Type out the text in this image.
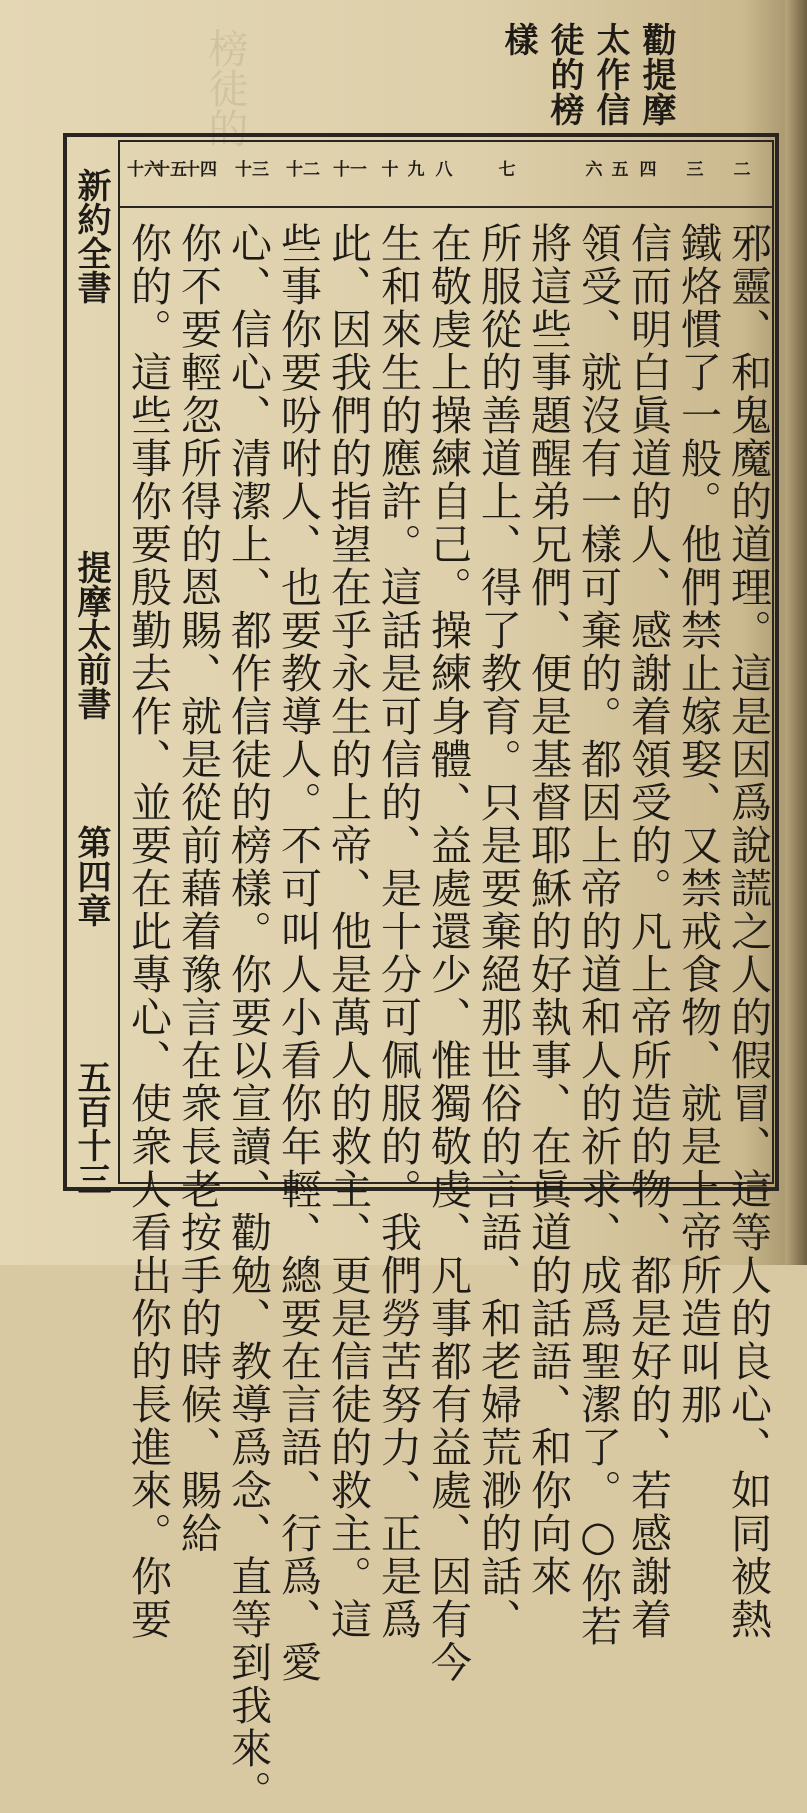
榜徒的	勸提摩
太作信
徒的榜
樣
新約全書
提摩太前書
第四章
五百十三
二
三
四
五
六
七
八
九
十
十一
十二
十三
十四
十五
十六
邪靈、和鬼魔的道理。這是因爲說謊之人的假冒、這等人的良心、如同被熱
鐵烙慣了一般。他們禁止嫁娶、又禁戒食物、就是上帝所造叫那
信而明白眞道的人、感謝着領受的。凡上帝所造的物、都是好的、若感謝着
領受、就沒有一樣可棄的。都因上帝的道和人的祈求、成爲聖潔了。○你若
將這些事題醒弟兄們、便是基督耶穌的好執事、在眞道的話語、和你向來
所服從的善道上、得了教育。只是要棄絕那世俗的言語、和老婦荒渺的話、
在敬虔上操練自己。操練身體、益處還少、惟獨敬虔、凡事都有益處、因有今
生和來生的應許。這話是可信的、是十分可佩服的。我們勞苦努力、正是爲
此、因我們的指望在乎永生的上帝、他是萬人的救主、更是信徒的救主。這
些事你要吩咐人、也要教導人。不可叫人小看你年輕、總要在言語、行爲、愛
心、信心、清潔上、都作信徒的榜樣。你要以宣讀、勸勉、教導爲念、直等到我來。
你不要輕忽所得的恩賜、就是從前藉着豫言在衆長老按手的時候、賜給
你的。這些事你要殷勤去作、並要在此專心、使衆人看出你的長進來。你要
